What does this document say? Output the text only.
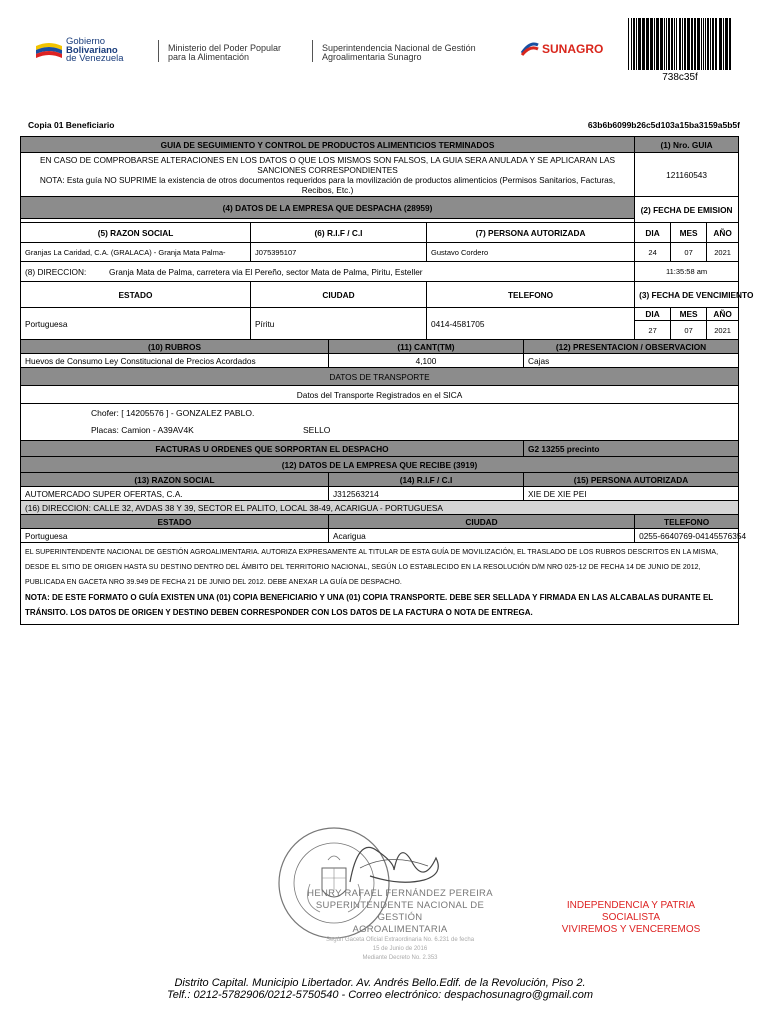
Gobierno
Bolivariano
de Venezuela
Ministerio del Poder Popular
para la Alimentación
Superintendencia Nacional de Gestión
Agroalimentaria Sunagro
SUNAGRO
738c35f
Copia 01 Beneficiario	63b6b6099b26c5d103a15ba3159a5b5f
GUIA DE SEGUIMIENTO Y CONTROL DE PRODUCTOS ALIMENTICIOS TERMINADOS					(1) Nro. GUIA		

EN CASO DE COMPROBARSE ALTERACIONES EN LOS DATOS O QUE LOS MISMOS SON FALSOS, LA GUIA SERA ANULADA Y SE APLICARAN LAS SANCIONES CORRESPONDIENTES
NOTA: Esta guía NO SUPRIME la existencia de otros documentos requeridos para la movilización de productos alimenticios (Permisos Sanitarios, Facturas, Recibos, Etc.)					121160543		
(4) DATOS DE LA EMPRESA QUE DESPACHA (28959)					(2) FECHA DE EMISION		

(5) RAZON SOCIAL	(6) R.I.F / C.I		(7) PERSONA AUTORIZADA		DIA	MES	AÑO
Granjas La Caridad, C.A. (GRALACA) - Granja Mata Palma-	J075395107		Gustavo Cordero		24	07	2021
(8) DIRECCION: Granja Mata de Palma, carretera via El Pereño, sector Mata de Palma, Piritu, Esteller					11:35:58 am		
ESTADO	CIUDAD		TELEFONO		(3) FECHA DE VENCIMIENTO		
Portuguesa	Píritu		0414-4581705		DIA	MES	AÑO
					27	07	2021
(10) RUBROS		(11) CANT(TM)		(12) PRESENTACION / OBSERVACION			
Huevos de Consumo Ley Constitucional de Precios Acordados		4,100		Cajas			
DATOS DE TRANSPORTE							
Datos del Transporte Registrados en el SICA							

Chofer: [ 14205576 ] - GONZALEZ PABLO.
Placas: Camion - A39AV4K SELLO							

FACTURAS U ORDENES QUE SORPORTAN EL DESPACHO				G2 13255 precinto			
(12) DATOS DE LA EMPRESA QUE RECIBE (3919)							
(13) RAZON SOCIAL		(14) R.I.F / C.I		(15) PERSONA AUTORIZADA			
AUTOMERCADO SUPER OFERTAS, C.A.		J312563214		XIE DE XIE PEI			
(16) DIRECCION: CALLE 32, AVDAS 38 Y 39, SECTOR EL PALITO, LOCAL 38-49, ACARIGUA - PORTUGUESA							
ESTADO		CIUDAD			TELEFONO		
Portuguesa		Acarigua			0255-6640769-04145576354		

EL SUPERINTENDENTE NACIONAL DE GESTIÓN AGROALIMENTARIA. AUTORIZA EXPRESAMENTE AL TITULAR DE ESTA GUÍA DE MOVILIZACIÓN, EL TRASLADO DE LOS RUBROS DESCRITOS EN LA MISMA, DESDE EL SITIO DE ORIGEN HASTA SU DESTINO DENTRO DEL ÁMBITO DEL TERRITORIO NACIONAL, SEGÚN LO ESTABLECIDO EN LA RESOLUCIÓN D/M NRO 025-12 DE FECHA 14 DE JUNIO DE 2012, PUBLICADA EN GACETA NRO 39.949 DE FECHA 21 DE JUNIO DEL 2012. DEBE ANEXAR LA GUÍA DE DESPACHO.
NOTA: DE ESTE FORMATO O GUÍA EXISTEN UNA (01) COPIA BENEFICIARIO Y UNA (01) COPIA TRANSPORTE. DEBE SER SELLADA Y FIRMADA EN LAS ALCABALAS DURANTE EL TRÁNSITO. LOS DATOS DE ORIGEN Y DESTINO DEBEN CORRESPONDER CON LOS DATOS DE LA FACTURA O NOTA DE ENTREGA.							
HENRY RAFAEL FERNÁNDEZ PEREIRA
SUPERINTENDENTE NACIONAL DE GESTIÓN
AGROALIMENTARIA
Según Gaceta Oficial Extraordinaria No. 6.231 de fecha
15 de Junio de 2016
Mediante Decreto No. 2.353
INDEPENDENCIA Y PATRIA
SOCIALISTA
VIVIREMOS Y VENCEREMOS
Distrito Capital. Municipio Libertador. Av. Andrés Bello.Edif. de la Revolución, Piso 2.
Telf.: 0212-5782906/0212-5750540 - Correo electrónico: despachosunagro@gmail.com
